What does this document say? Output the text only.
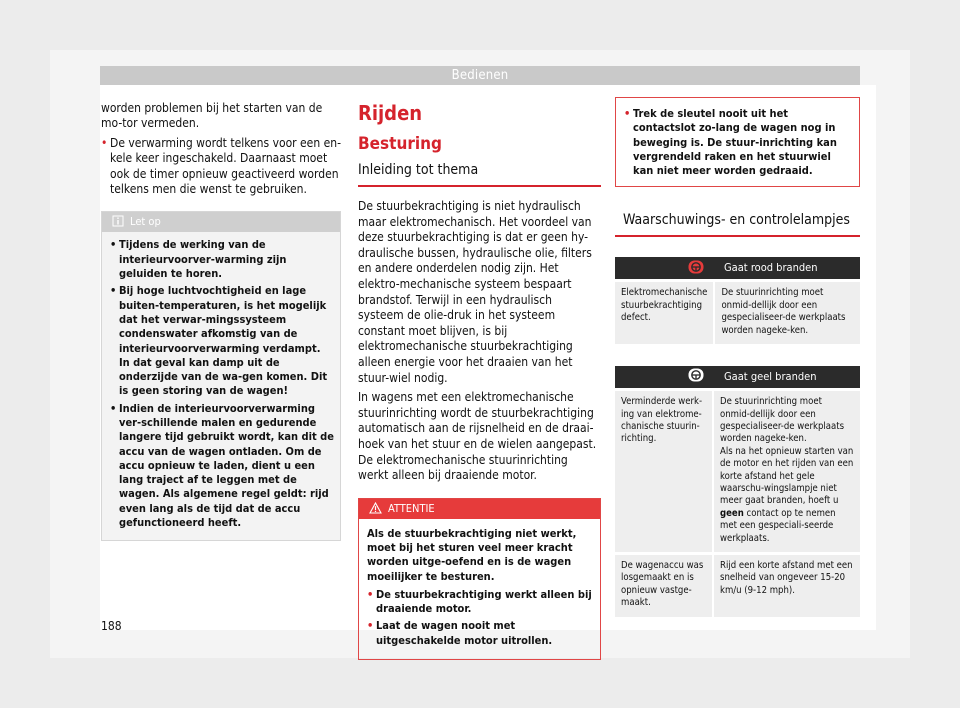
Bedienen

worden problemen bij het starten van de mo-tor vermeden.

• De verwarming wordt telkens voor een en-kele keer ingeschakeld. Daarnaast moet ook de timer opnieuw geactiveerd worden telkens men die wenst te gebruiken.
Let op
• Tijdens de werking van de interieurvoorver-warming zijn geluiden te horen.
• Bij hoge luchtvochtigheid en lage buiten-temperaturen, is het mogelijk dat het verwar-mingssysteem condenswater afkomstig van de interieurvoorverwarming verdampt. In dat geval kan damp uit de onderzijde van de wa-gen komen. Dit is geen storing van de wagen!
• Indien de interieurvoorverwarming ver-schillende malen en gedurende langere tijd gebruikt wordt, kan dit de accu van de wagen ontladen. Om de accu opnieuw te laden, dient u een lang traject af te leggen met de wagen. Als algemene regel geldt: rijd even lang als de tijd dat de accu gefunctioneerd heeft.
Rijden
Besturing
Inleiding tot thema

De stuurbekrachtiging is niet hydraulisch maar elektromechanisch. Het voordeel van deze stuurbekrachtiging is dat er geen hy-draulische bussen, hydraulische olie, filters en andere onderdelen nodig zijn. Het elektro-mechanische systeem bespaart brandstof. Terwijl in een hydraulisch systeem de olie-druk in het systeem constant moet blijven, is bij elektromechanische stuurbekrachtiging alleen energie voor het draaien van het stuur-wiel nodig.

In wagens met een elektromechanische stuurinrichting wordt de stuurbekrachtiging automatisch aan de rijsnelheid en de draai-hoek van het stuur en de wielen aangepast. De elektromechanische stuurinrichting werkt alleen bij draaiende motor.

ATTENTIE

Als de stuurbekrachtiging niet werkt, moet bij het sturen veel meer kracht worden uitge-oefend en is de wagen moeilijker te besturen.

• De stuurbekrachtiging werkt alleen bij draaiende motor.
• Laat de wagen nooit met uitgeschakelde motor uitrollen.
• Trek de sleutel nooit uit het contactslot zo-lang de wagen nog in beweging is. De stuur-inrichting kan vergrendeld raken en het stuurwiel kan niet meer worden gedraaid.
Waarschuwings- en controlelampjes
Gaat rood branden

Elektromechanische stuurbekrachtiging defect.	De stuurinrichting moet onmid-dellijk door een gespecialiseer-de werkplaats worden nageke-ken.
Gaat geel branden	

Verminderde werk-ing van elektrome-chanische stuurin-richting.	De stuurinrichting moet onmid-dellijk door een gespecialiseer-de werkplaats worden nageke-ken.
Als na het opnieuw starten van de motor en het rijden van een korte afstand het gele waarschu-wingslampje niet meer gaat branden, hoeft u geen contact op te nemen met een gespeciali-seerde werkplaats.
De wagenaccu was losgemaakt en is opnieuw vastge-maakt.	Rijd een korte afstand met een snelheid van ongeveer 15-20 km/u (9-12 mph).
188
